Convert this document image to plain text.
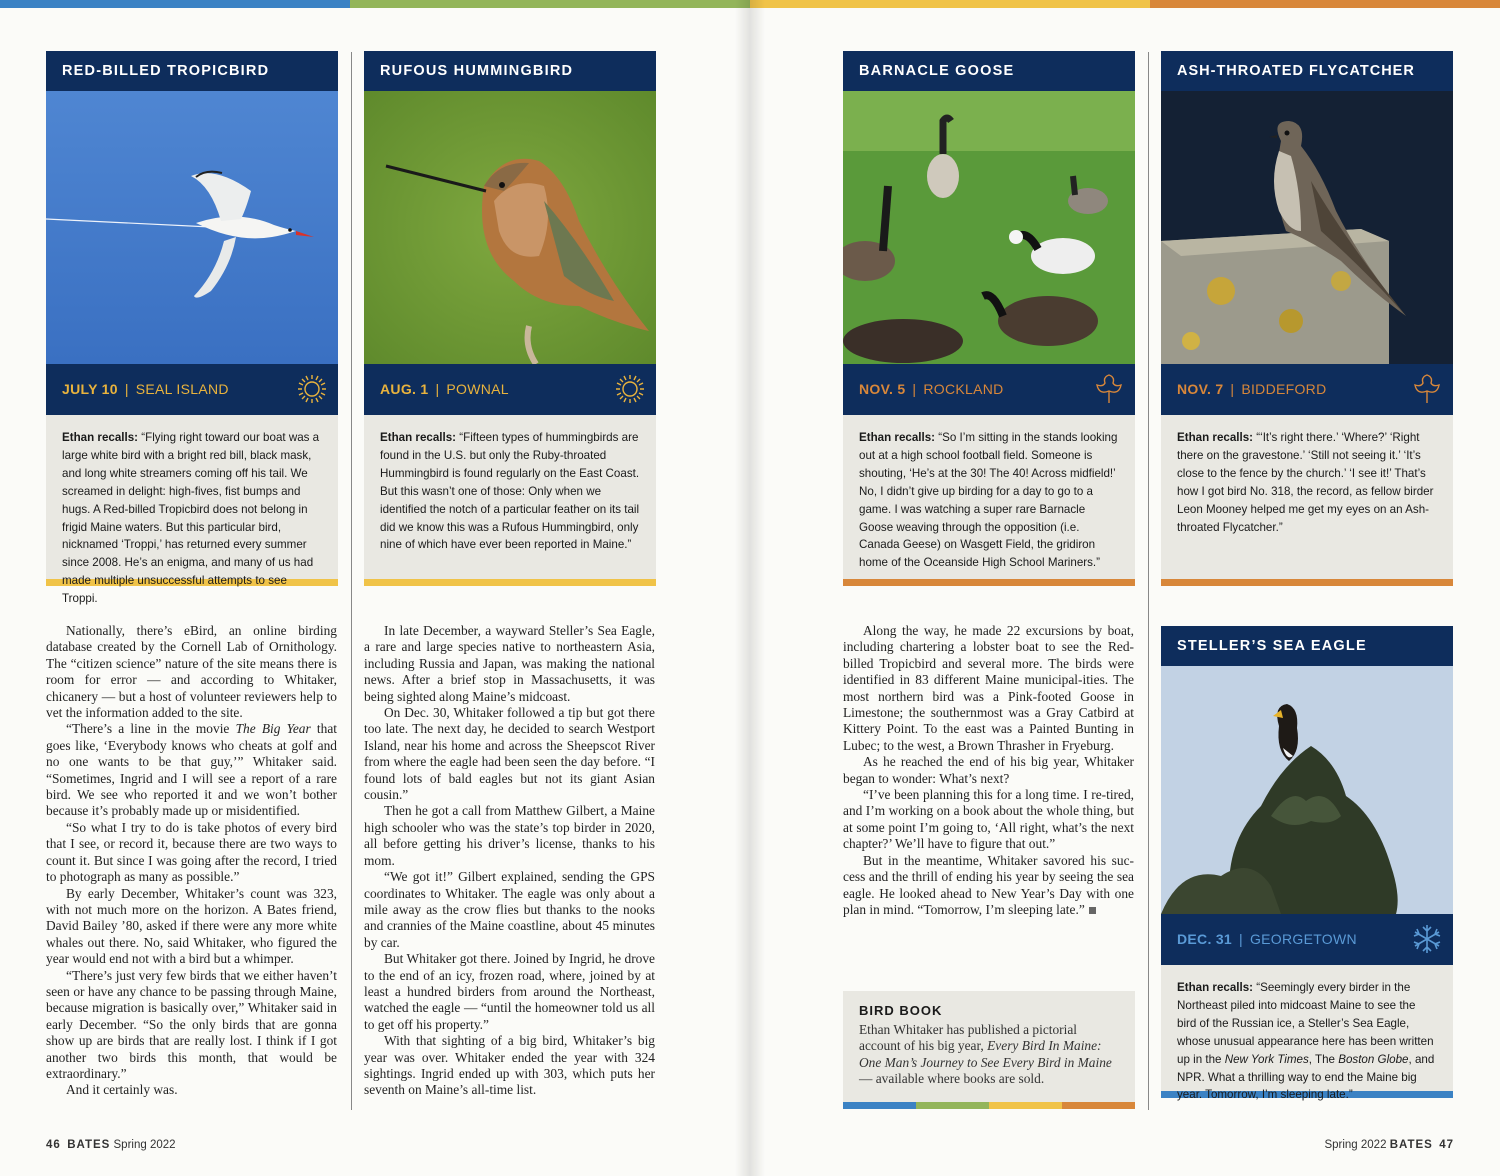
RED-BILLED TROPICBIRD
JULY 10 | SEAL ISLAND
Ethan recalls: “Flying right toward our boat was a large white bird with a bright red bill, black mask, and long white streamers coming off his tail. We screamed in delight: high-fives, fist bumps and hugs. A Red-billed Tropicbird does not belong in frigid Maine waters. But this particular bird, nicknamed ‘Troppi,’ has returned every summer since 2008. He’s an enigma, and many of us had made multiple unsuccessful attempts to see Troppi.
RUFOUS HUMMINGBIRD
AUG. 1 | POWNAL
Ethan recalls: “Fifteen types of hummingbirds are found in the U.S. but only the Ruby-throated Hummingbird is found regularly on the East Coast. But this wasn’t one of those: Only when we identified the notch of a particular feather on its tail did we know this was a Rufous Hummingbird, only nine of which have ever been reported in Maine.”
BARNACLE GOOSE
NOV. 5 | ROCKLAND
Ethan recalls: “So I’m sitting in the stands looking out at a high school football field. Someone is shouting, ‘He’s at the 30! The 40! Across midfield!’ No, I didn’t give up birding for a day to go to a game. I was watching a super rare Barnacle Goose weaving through the opposition (i.e. Canada Geese) on Wasgett Field, the gridiron home of the Oceanside High School Mariners.”
ASH-THROATED FLYCATCHER
NOV. 7 | BIDDEFORD
Ethan recalls: “‘It’s right there.’ ‘Where?’ ‘Right there on the gravestone.’ ‘Still not seeing it.’ ‘It’s close to the fence by the church.’ ‘I see it!’ That’s how I got bird No. 318, the record, as fellow birder Leon Mooney helped me get my eyes on an Ash-throated Flycatcher.”
STELLER’S SEA EAGLE
DEC. 31 | GEORGETOWN
Ethan recalls: “Seemingly every birder in the Northeast piled into midcoast Maine to see the bird of the Russian ice, a Steller’s Sea Eagle, whose unusual appearance here has been written up in the New York Times, The Boston Globe, and NPR. What a thrilling way to end the Maine big year. Tomorrow, I’m sleeping late.”

Nationally, there’s eBird, an online birding database created by the Cornell Lab of Ornithology. The “citizen science” nature of the site means there is room for error — and according to Whitaker, chicanery — but a host of volunteer reviewers help to vet the information added to the site.

“There’s a line in the movie The Big Year that goes like, ‘Everybody knows who cheats at golf and no one wants to be that guy,’” Whitaker said. “Sometimes, Ingrid and I will see a report of a rare bird. We see who reported it and we won’t bother because it’s probably made up or misidentified.

“So what I try to do is take photos of every bird that I see, or record it, because there are two ways to count it. But since I was going after the record, I tried to photograph as many as possible.”

By early December, Whitaker’s count was 323, with not much more on the horizon. A Bates friend, David Bailey ’80, asked if there were any more white whales out there. No, said Whitaker, who figured the year would end not with a bird but a whimper.

“There’s just very few birds that we either haven’t seen or have any chance to be passing through Maine, because migration is basically over,” Whitaker said in early December. “So the only birds that are gonna show up are birds that are really lost. I think if I got another two birds this month, that would be extraordinary.”

And it certainly was.

In late December, a wayward Steller’s Sea Eagle, a rare and large species native to northeastern Asia, including Russia and Japan, was making the national news. After a brief stop in Massachusetts, it was being sighted along Maine’s midcoast.

On Dec. 30, Whitaker followed a tip but got there too late. The next day, he decided to search Westport Island, near his home and across the Sheepscot River from where the eagle had been seen the day before. “I found lots of bald eagles but not its giant Asian cousin.”

Then he got a call from Matthew Gilbert, a Maine high schooler who was the state’s top birder in 2020, all before getting his driver’s license, thanks to his mom.

“We got it!” Gilbert explained, sending the GPS coordinates to Whitaker. The eagle was only about a mile away as the crow flies but thanks to the nooks and crannies of the Maine coastline, about 45 minutes by car.

But Whitaker got there. Joined by Ingrid, he drove to the end of an icy, frozen road, where, joined by at least a hundred birders from around the Northeast, watched the eagle — “until the homeowner told us all to get off his property.”

With that sighting of a big bird, Whitaker’s big year was over. Whitaker ended the year with 324 sightings. Ingrid ended up with 303, which puts her seventh on Maine’s all-time list.

Along the way, he made 22 excursions by boat, including chartering a lobster boat to see the Red-billed Tropicbird and several more. The birds were identified in 83 different Maine municipal-ities. The most northern bird was a Pink-footed Goose in Limestone; the southernmost was a Gray Catbird at Kittery Point. To the east was a Painted Bunting in Lubec; to the west, a Brown Thrasher in Fryeburg.

As he reached the end of his big year, Whitaker began to wonder: What’s next?

“I’ve been planning this for a long time. I re-tired, and I’m working on a book about the whole thing, but at some point I’m going to, ‘All right, what’s the next chapter?’ We’ll have to figure that out.”

But in the meantime, Whitaker savored his suc-cess and the thrill of ending his year by seeing the sea eagle. He looked ahead to New Year’s Day with one plan in mind. “Tomorrow, I’m sleeping late.”

BIRD BOOK
Ethan Whitaker has published a pictorial account of his big year, Every Bird In Maine: One Man’s Journey to See Every Bird in Maine — available where books are sold.
46 BATES Spring 2022	Spring 2022 BATES 47
